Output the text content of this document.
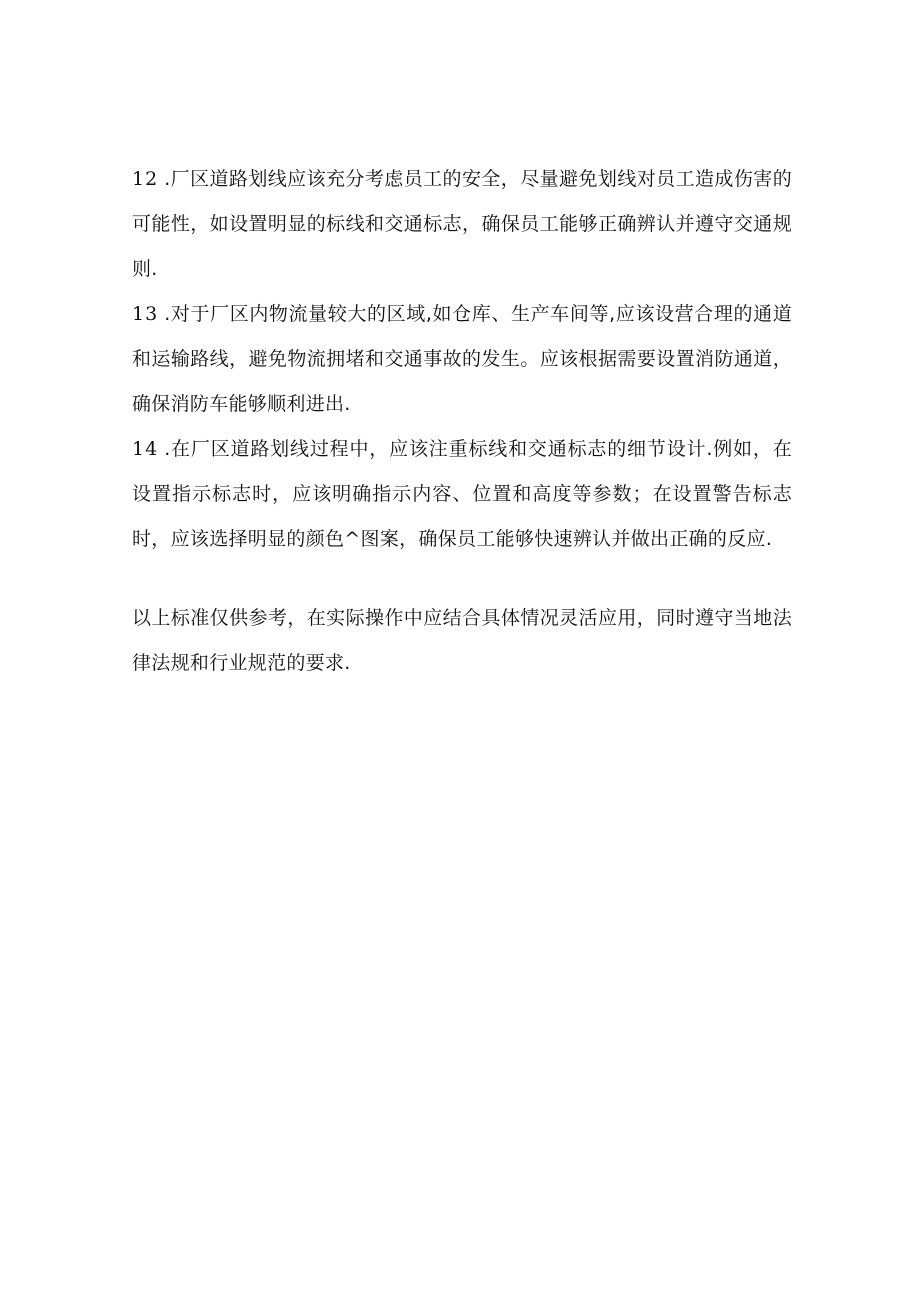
12 .厂区道路划线应该充分考虑员工的安全，尽量避免划线对员工造成伤害的可能性，如设置明显的标线和交通标志，确保员工能够正确辨认并遵守交通规则.

13 .对于厂区内物流量较大的区域,如仓库、生产车间等,应该设营合理的通道和运输路线，避免物流拥堵和交通事故的发生。应该根据需要设置消防通道，确保消防车能够顺利进出.

14 .在厂区道路划线过程中，应该注重标线和交通标志的细节设计.例如，在设置指示标志时，应该明确指示内容、位置和高度等参数；在设置警告标志时，应该选择明显的颜色^图案，确保员工能够快速辨认并做出正确的反应.

以上标准仅供参考，在实际操作中应结合具体情况灵活应用，同时遵守当地法律法规和行业规范的要求.
